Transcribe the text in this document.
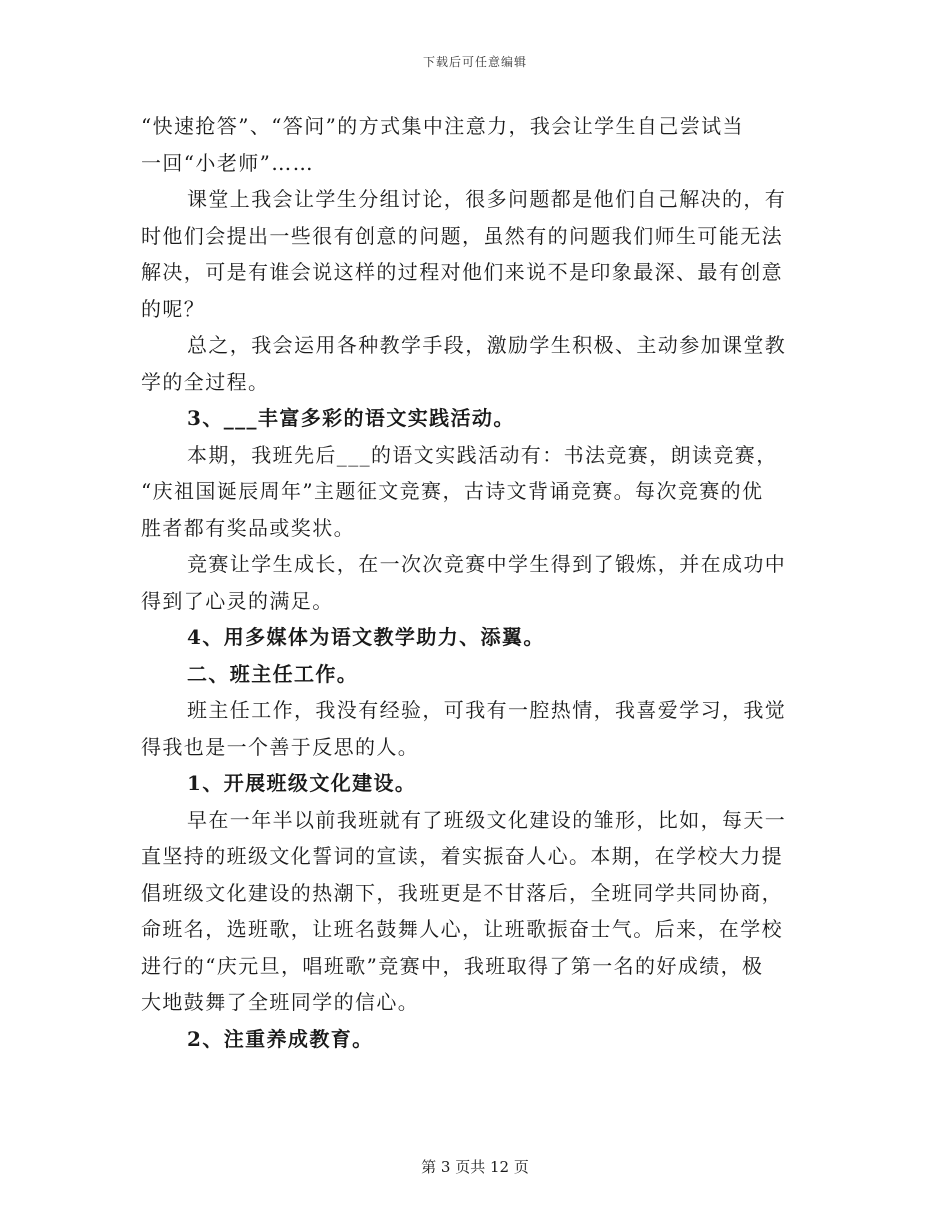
下载后可任意编辑
“快速抢答”、“答问”的方式集中注意力，我会让学生自己尝试当
一回“小老师”……
课堂上我会让学生分组讨论，很多问题都是他们自己解决的，有
时他们会提出一些很有创意的问题，虽然有的问题我们师生可能无法
解决，可是有谁会说这样的过程对他们来说不是印象最深、最有创意
的呢？
总之，我会运用各种教学手段，激励学生积极、主动参加课堂教
学的全过程。
3、___丰富多彩的语文实践活动。
本期，我班先后___的语文实践活动有：书法竞赛，朗读竞赛，
“庆祖国诞辰周年”主题征文竞赛，古诗文背诵竞赛。每次竞赛的优
胜者都有奖品或奖状。
竞赛让学生成长，在一次次竞赛中学生得到了锻炼，并在成功中
得到了心灵的满足。
4、用多媒体为语文教学助力、添翼。
二、班主任工作。
班主任工作，我没有经验，可我有一腔热情，我喜爱学习，我觉
得我也是一个善于反思的人。
1、开展班级文化建设。
早在一年半以前我班就有了班级文化建设的雏形，比如，每天一
直坚持的班级文化誓词的宣读，着实振奋人心。本期，在学校大力提
倡班级文化建设的热潮下，我班更是不甘落后，全班同学共同协商，
命班名，选班歌，让班名鼓舞人心，让班歌振奋士气。后来，在学校
进行的“庆元旦，唱班歌”竞赛中，我班取得了第一名的好成绩，极
大地鼓舞了全班同学的信心。
2、注重养成教育。
第 3 页共 12 页
